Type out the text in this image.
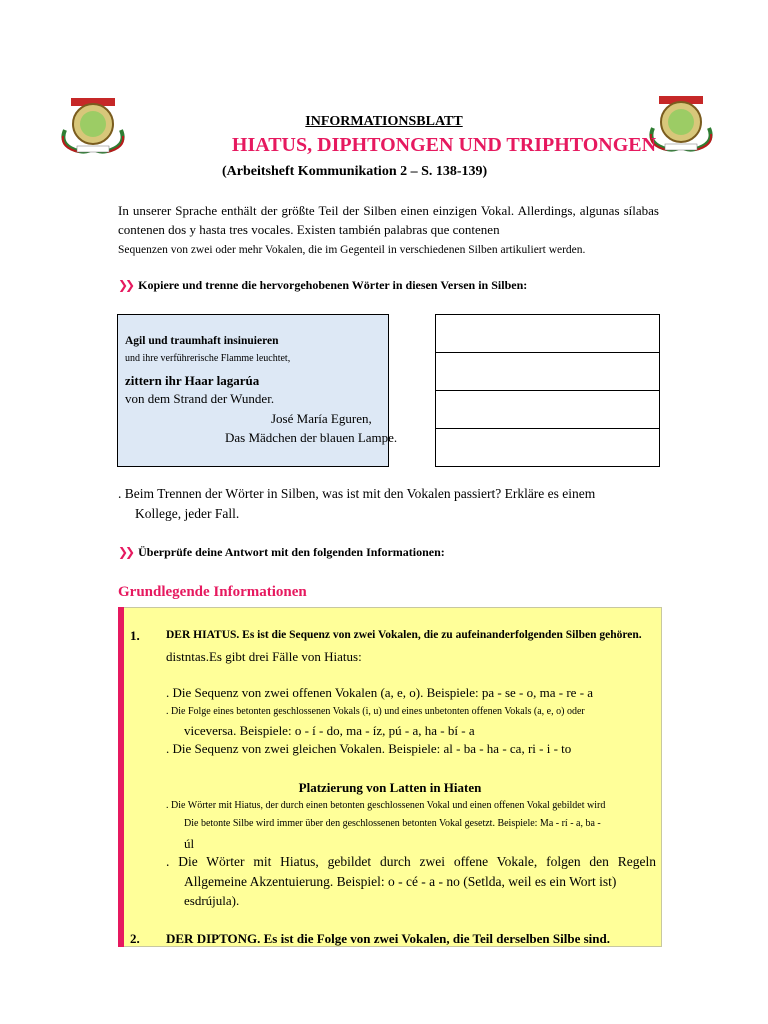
INFORMATIONSBLATT
HIATUS, DIPHTONGEN UND TRIPHTONGEN
(Arbeitsheft Kommunikation 2 – S. 138-139)
In unserer Sprache enthält der größte Teil der Silben einen einzigen Vokal. Allerdings, algunas sílabas contenen dos y hasta tres vocales. Existen también palabras que contenen
Sequenzen von zwei oder mehr Vokalen, die im Gegenteil in verschiedenen Silben artikuliert werden.
❯❯ Kopiere und trenne die hervorgehobenen Wörter in diesen Versen in Silben:
Agil und traumhaft insinuieren
und ihre verführerische Flamme leuchtet,
zittern ihr Haar lagarúa
von dem Strand der Wunder.
José María Eguren,
Das Mädchen der blauen Lampe.
. Beim Trennen der Wörter in Silben, was ist mit den Vokalen passiert? Erkläre es einem
Kollege, jeder Fall.
❯❯ Überprüfe deine Antwort mit den folgenden Informationen:
Grundlegende Informationen
1. DER HIATUS. Es ist die Sequenz von zwei Vokalen, die zu aufeinanderfolgenden Silben gehören.
distntas.Es gibt drei Fälle von Hiatus:
. Die Sequenz von zwei offenen Vokalen (a, e, o). Beispiele: pa - se - o, ma - re - a
. Die Folge eines betonten geschlossenen Vokals (i, u) und eines unbetonten offenen Vokals (a, e, o) oder
viceversa. Beispiele: o - í - do, ma - íz, pú - a, ha - bí - a
. Die Sequenz von zwei gleichen Vokalen. Beispiele: al - ba - ha - ca, ri - i - to
Platzierung von Latten in Hiaten
. Die Wörter mit Hiatus, der durch einen betonten geschlossenen Vokal und einen offenen Vokal gebildet wird
Die betonte Silbe wird immer über den geschlossenen betonten Vokal gesetzt. Beispiele: Ma - rí - a, ba -
úl
. Die Wörter mit Hiatus, gebildet durch zwei offene Vokale, folgen den Regeln
Allgemeine Akzentuierung. Beispiel: o - cé - a - no (Setlda, weil es ein Wort ist)
esdrújula).
2. DER DIPTONG. Es ist die Folge von zwei Vokalen, die Teil derselben Silbe sind.
